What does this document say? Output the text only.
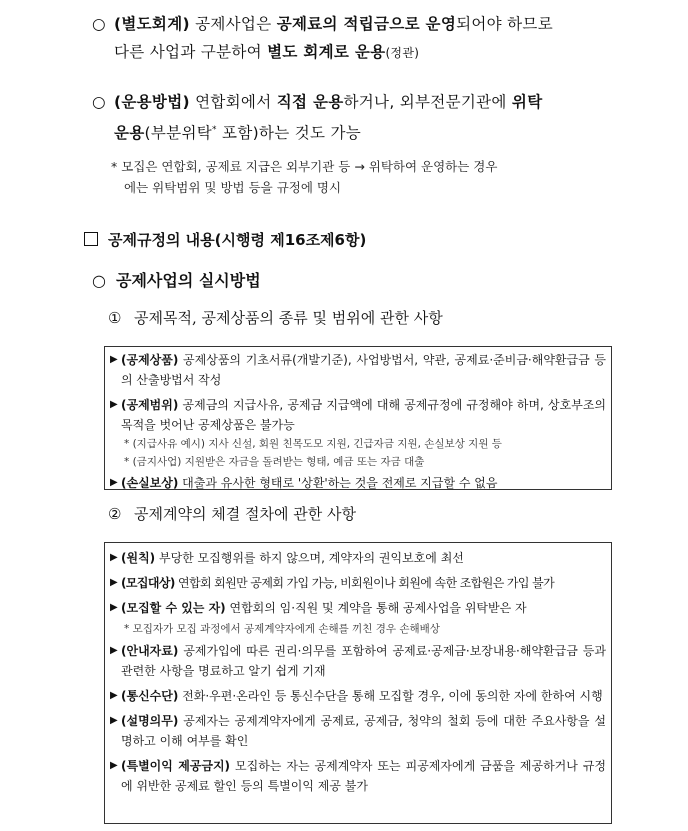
○ (별도회계) 공제사업은 공제료의 적립금으로 운영되어야 하므로
다른 사업과 구분하여 별도 회계로 운용(정관)
○ (운용방법) 연합회에서 직접 운용하거나, 외부전문기관에 위탁
운용(부분위탁* 포함)하는 것도 가능
* 모집은 연합회, 공제료 지급은 외부기관 등 → 위탁하여 운영하는 경우
에는 위탁범위 및 방법 등을 규정에 명시
공제규정의 내용(시행령 제16조제6항)
○ 공제사업의 실시방법
① 공제목적, 공제상품의 종류 및 범위에 관한 사항
▶ (공제상품) 공제상품의 기초서류(개발기준), 사업방법서, 약관, 공제료·준비금·해약환급금 등의 산출방법서 작성
▶ (공제범위) 공제금의 지급사유, 공제금 지급액에 대해 공제규정에 규정해야 하며, 상호부조의 목적을 벗어난 공제상품은 불가능
* (지급사유 예시) 지사 신설, 회원 친목도모 지원, 긴급자금 지원, 손실보상 지원 등
* (금지사업) 지원받은 자금을 돌려받는 형태, 예금 또는 자금 대출
▶ (손실보상) 대출과 유사한 형태로 '상환'하는 것을 전제로 지급할 수 없음
② 공제계약의 체결 절차에 관한 사항
▶ (원칙) 부당한 모집행위를 하지 않으며, 계약자의 권익보호에 최선
▶ (모집대상) 연합회 회원만 공제회 가입 가능, 비회원이나 회원에 속한 조합원은 가입 불가
▶ (모집할 수 있는 자) 연합회의 임·직원 및 계약을 통해 공제사업을 위탁받은 자
* 모집자가 모집 과정에서 공제계약자에게 손해를 끼친 경우 손해배상
▶ (안내자료) 공제가입에 따른 권리·의무를 포함하여 공제료·공제금·보장내용·해약환급금 등과 관련한 사항을 명료하고 알기 쉽게 기재
▶ (통신수단) 전화·우편·온라인 등 통신수단을 통해 모집할 경우, 이에 동의한 자에 한하여 시행
▶ (설명의무) 공제자는 공제계약자에게 공제료, 공제금, 청약의 철회 등에 대한 주요사항을 설명하고 이해 여부를 확인
▶ (특별이익 제공금지) 모집하는 자는 공제계약자 또는 피공제자에게 금품을 제공하거나 규정에 위반한 공제료 할인 등의 특별이익 제공 불가
